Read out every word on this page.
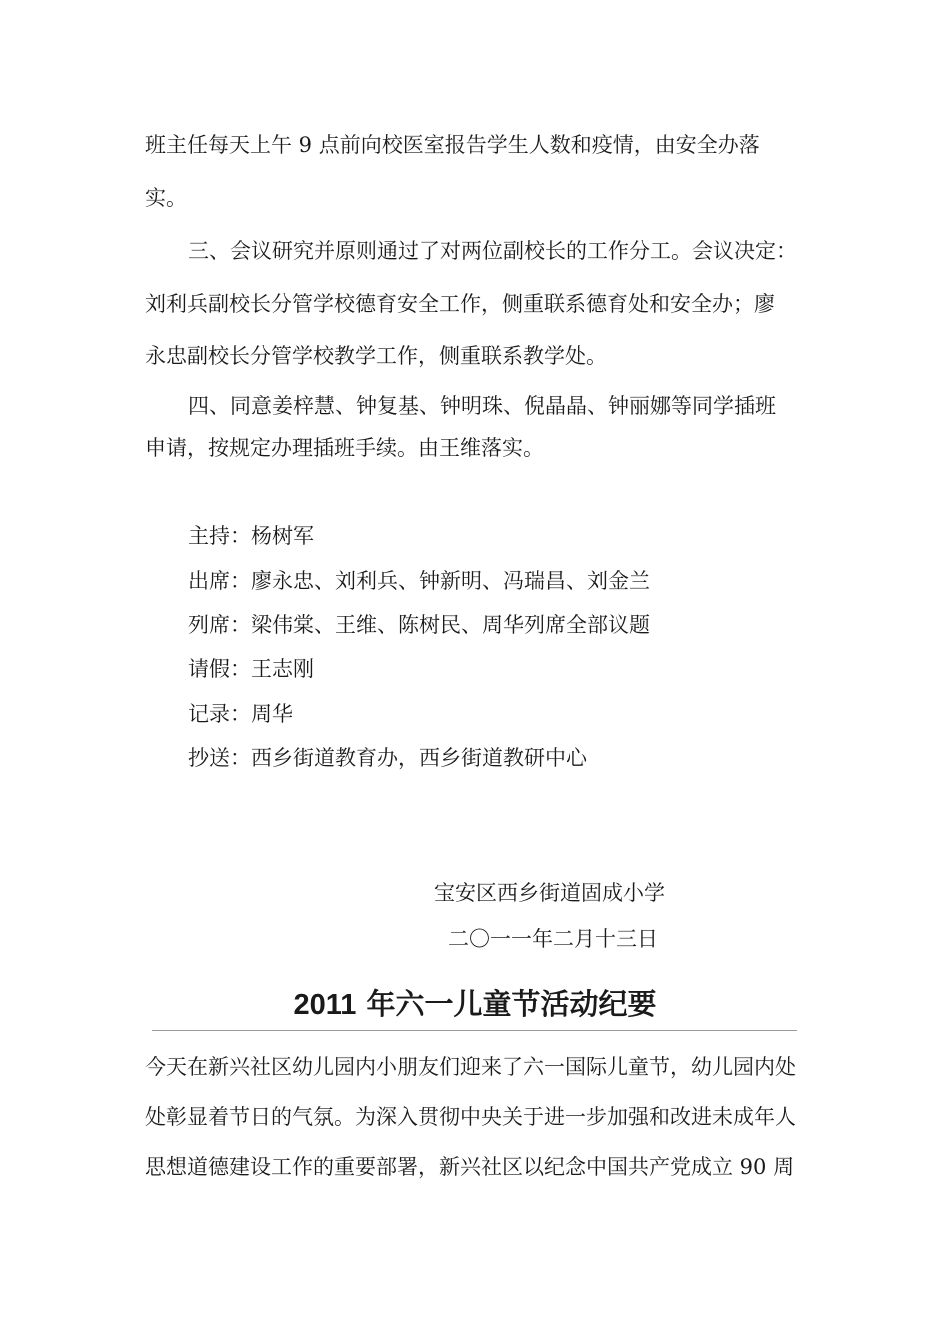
班主任每天上午 9 点前向校医室报告学生人数和疫情，由安全办落
实。
三、会议研究并原则通过了对两位副校长的工作分工。会议决定：
刘利兵副校长分管学校德育安全工作，侧重联系德育处和安全办；廖
永忠副校长分管学校教学工作，侧重联系教学处。
四、同意姜梓慧、钟复基、钟明珠、倪晶晶、钟丽娜等同学插班
申请，按规定办理插班手续。由王维落实。
主持：杨树军
出席：廖永忠、刘利兵、钟新明、冯瑞昌、刘金兰
列席：梁伟棠、王维、陈树民、周华列席全部议题
请假：王志刚
记录：周华
抄送：西乡街道教育办，西乡街道教研中心
宝安区西乡街道固成小学
二〇一一年二月十三日
2011 年六一儿童节活动纪要
今天在新兴社区幼儿园内小朋友们迎来了六一国际儿童节，幼儿园内处
处彰显着节日的气氛。为深入贯彻中央关于进一步加强和改进未成年人
思想道德建设工作的重要部署，新兴社区以纪念中国共产党成立 90 周
